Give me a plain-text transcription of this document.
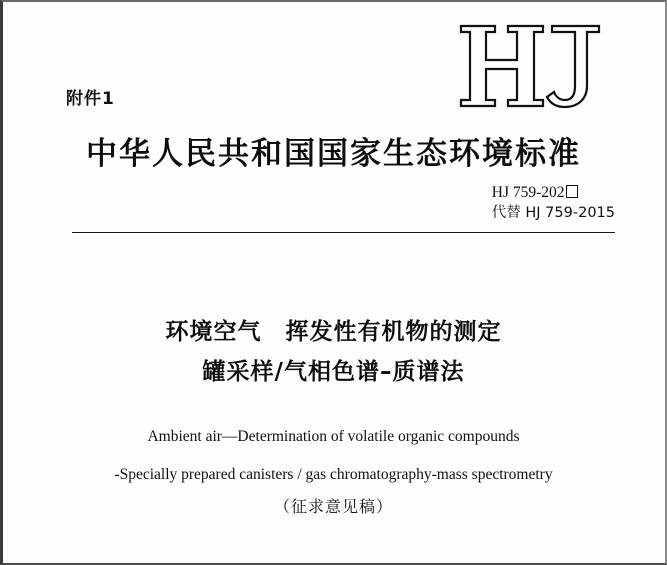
附件1
中华人民共和国国家生态环境标准
HJ 759-202
代替 HJ 759-2015
环境空气　挥发性有机物的测定
罐采样/气相色谱–质谱法
Ambient air—Determination of volatile organic compounds
-Specially prepared canisters / gas chromatography-mass spectrometry
（征求意见稿）
